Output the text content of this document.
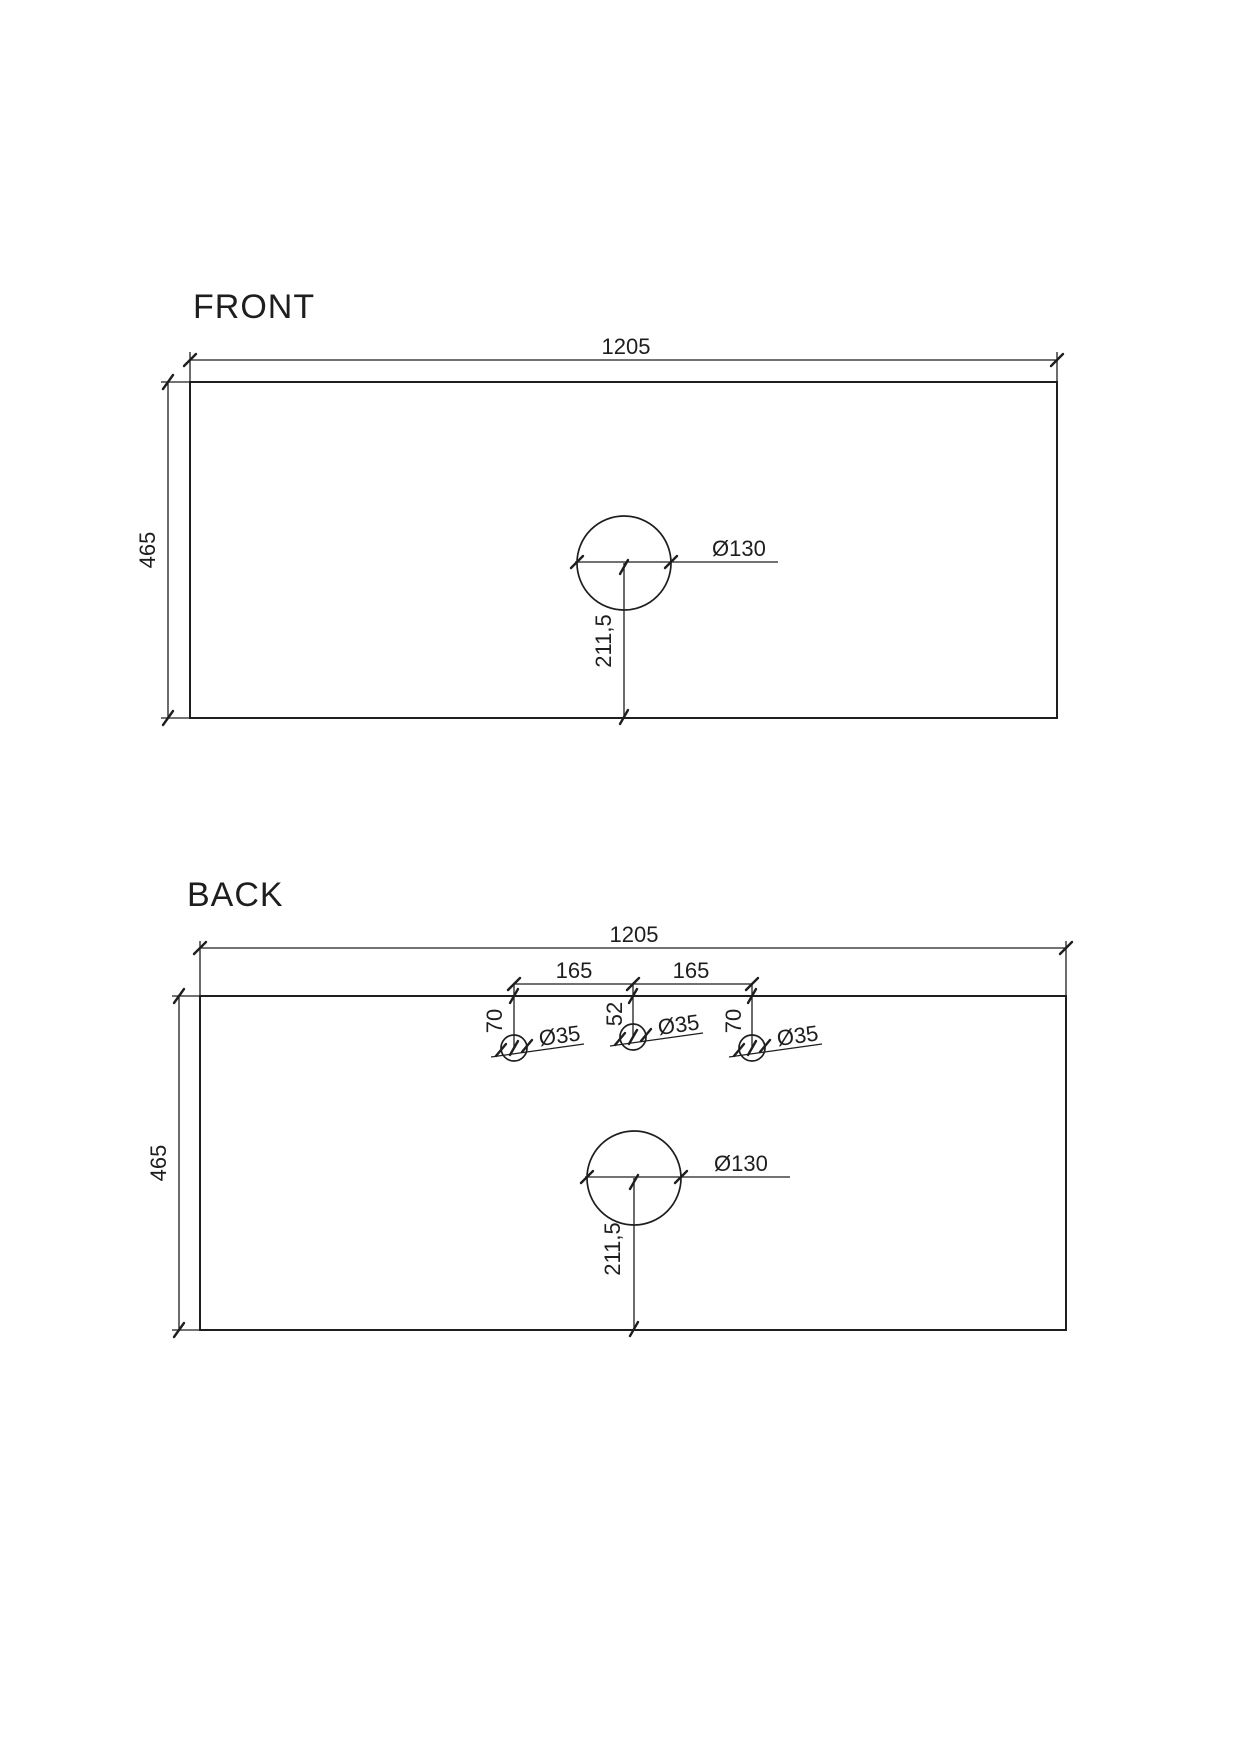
FRONT
1205
465	Ø130
211,5
BACK
1205
465
165	165
70 Ø35
52 Ø35 70 Ø35
Ø130
211,5
